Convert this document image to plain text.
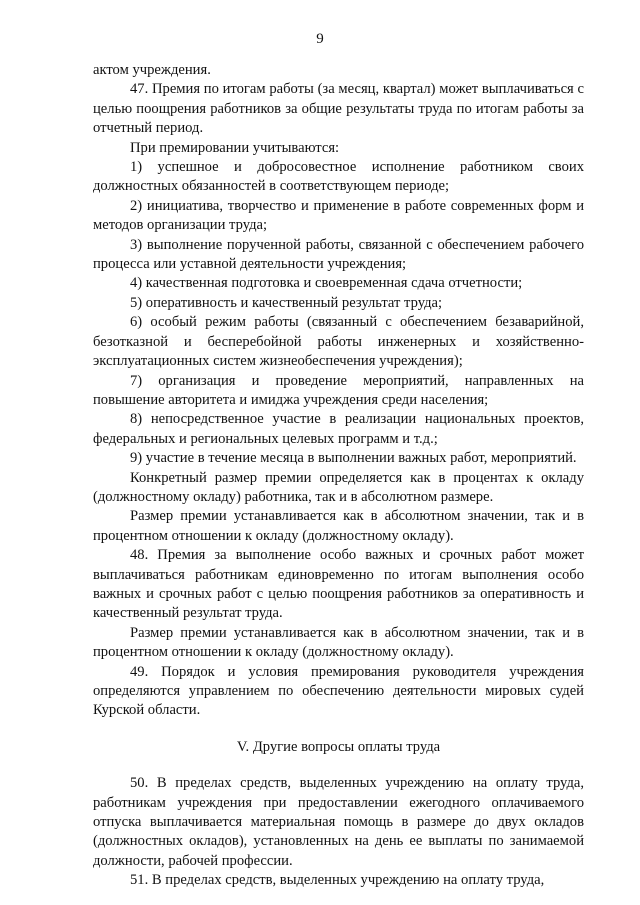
9

актом учреждения.

47. Премия по итогам работы (за месяц, квартал) может выплачиваться с целью поощрения работников за общие результаты труда по итогам работы за отчетный период.

При премировании учитываются:

1) успешное и добросовестное исполнение работником своих должностных обязанностей в соответствующем периоде;

2) инициатива, творчество и применение в работе современных форм и методов организации труда;

3) выполнение порученной работы, связанной с обеспечением рабочего процесса или уставной деятельности учреждения;

4) качественная подготовка и своевременная сдача отчетности;

5) оперативность и качественный результат труда;

6) особый режим работы (связанный с обеспечением безаварийной, безотказной и бесперебойной работы инженерных и хозяйственно-эксплуатационных систем жизнеобеспечения учреждения);

7) организация и проведение мероприятий, направленных на повышение авторитета и имиджа учреждения среди населения;

8) непосредственное участие в реализации национальных проектов, федеральных и региональных целевых программ и т.д.;

9) участие в течение месяца в выполнении важных работ, мероприятий.

Конкретный размер премии определяется как в процентах к окладу (должностному окладу) работника, так и в абсолютном размере.

Размер премии устанавливается как в абсолютном значении, так и в процентном отношении к окладу (должностному окладу).

48. Премия за выполнение особо важных и срочных работ может выплачиваться работникам единовременно по итогам выполнения особо важных и срочных работ с целью поощрения работников за оперативность и качественный результат труда.

Размер премии устанавливается как в абсолютном значении, так и в процентном отношении к окладу (должностному окладу).

49. Порядок и условия премирования руководителя учреждения определяются управлением по обеспечению деятельности мировых судей Курской области.

V. Другие вопросы оплаты труда

50. В пределах средств, выделенных учреждению на оплату труда, работникам учреждения при предоставлении ежегодного оплачиваемого отпуска выплачивается материальная помощь в размере до двух окладов (должностных окладов), установленных на день ее выплаты по занимаемой должности, рабочей профессии.

51. В пределах средств, выделенных учреждению на оплату труда,
